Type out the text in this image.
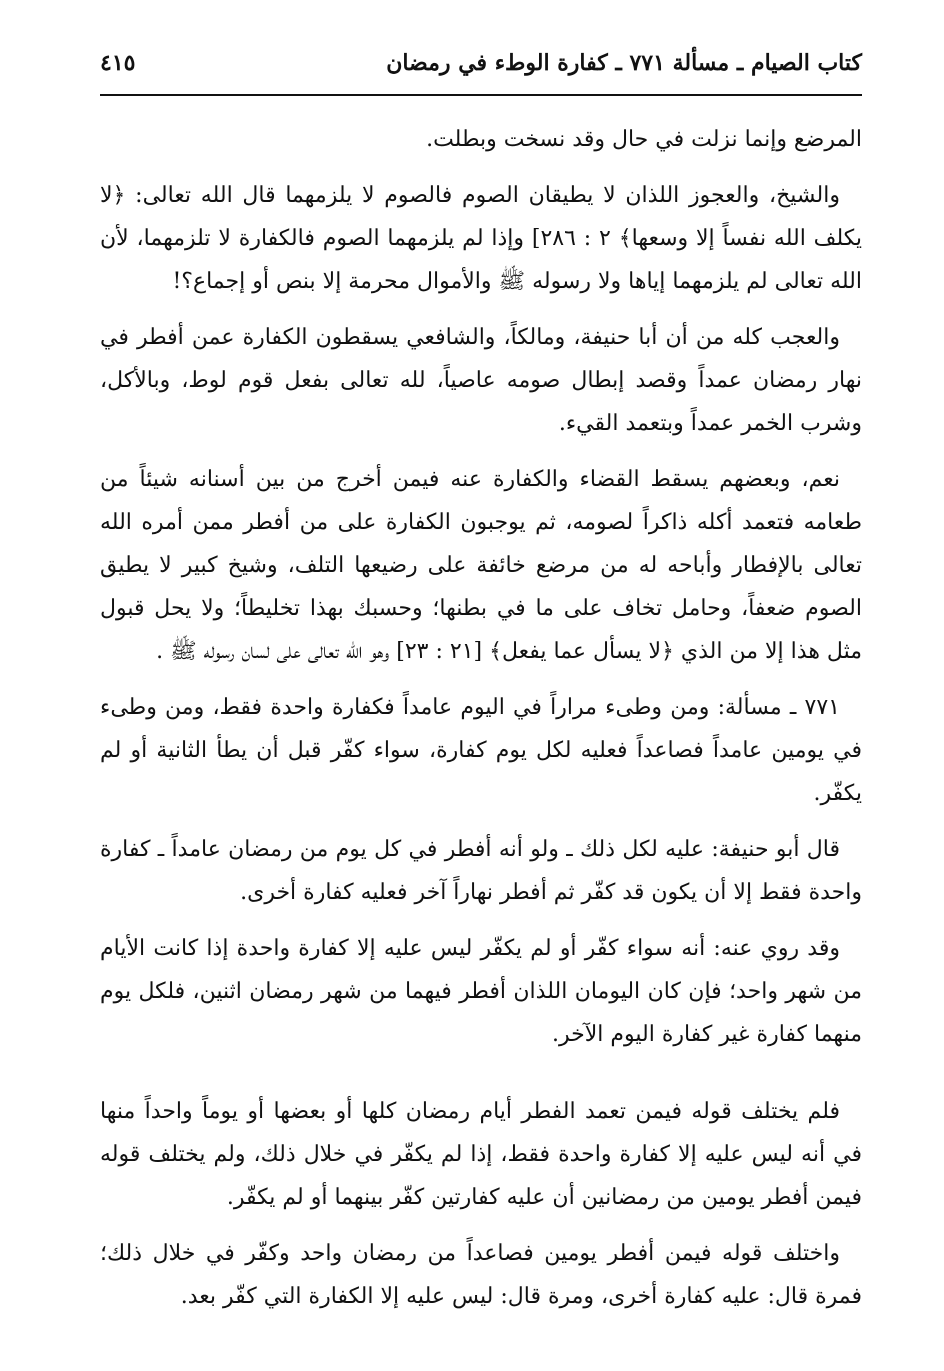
كتاب الصيام ـ مسألة ٧٧١ ـ كفارة الوطء في رمضان
٤١٥

المرضع وإنما نزلت في حال وقد نسخت وبطلت.

والشيخ، والعجوز اللذان لا يطيقان الصوم فالصوم لا يلزمهما قال الله تعالى: ﴿لا يكلف الله نفساً إلا وسعها﴾ ٢ : ٢٨٦] وإذا لم يلزمهما الصوم فالكفارة لا تلزمهما، لأن الله تعالى لم يلزمهما إياها ولا رسوله ﷺ والأموال محرمة إلا بنص أو إجماع؟!

والعجب كله من أن أبا حنيفة، ومالكاً، والشافعي يسقطون الكفارة عمن أفطر في نهار رمضان عمداً وقصد إبطال صومه عاصياً، لله تعالى بفعل قوم لوط، وبالأكل، وشرب الخمر عمداً وبتعمد القيء.

نعم، وبعضهم يسقط القضاء والكفارة عنه فيمن أخرج من بين أسنانه شيئاً من طعامه فتعمد أكله ذاكراً لصومه، ثم يوجبون الكفارة على من أفطر ممن أمره الله تعالى بالإفطار وأباحه له من مرضع خائفة على رضيعها التلف، وشيخ كبير لا يطيق الصوم ضعفاً، وحامل تخاف على ما في بطنها؛ وحسبك بهذا تخليطاً؛ ولا يحل قبول مثل هذا إلا من الذي ﴿لا يسأل عما يفعل﴾ [٢١ : ٢٣] وهو الله تعالى على لسان رسوله ﷺ .

٧٧١ ـ مسألة: ومن وطىء مراراً في اليوم عامداً فكفارة واحدة فقط، ومن وطىء في يومين عامداً فصاعداً فعليه لكل يوم كفارة، سواء كفّر قبل أن يطأ الثانية أو لم يكفّر.

قال أبو حنيفة: عليه لكل ذلك ـ ولو أنه أفطر في كل يوم من رمضان عامداً ـ كفارة واحدة فقط إلا أن يكون قد كفّر ثم أفطر نهاراً آخر فعليه كفارة أخرى.

وقد روي عنه: أنه سواء كفّر أو لم يكفّر ليس عليه إلا كفارة واحدة إذا كانت الأيام من شهر واحد؛ فإن كان اليومان اللذان أفطر فيهما من شهر رمضان اثنين، فلكل يوم منهما كفارة غير كفارة اليوم الآخر.

فلم يختلف قوله فيمن تعمد الفطر أيام رمضان كلها أو بعضها أو يوماً واحداً منها في أنه ليس عليه إلا كفارة واحدة فقط، إذا لم يكفّر في خلال ذلك، ولم يختلف قوله فيمن أفطر يومين من رمضانين أن عليه كفارتين كفّر بينهما أو لم يكفّر.

واختلف قوله فيمن أفطر يومين فصاعداً من رمضان واحد وكفّر في خلال ذلك؛ فمرة قال: عليه كفارة أخرى، ومرة قال: ليس عليه إلا الكفارة التي كفّر بعد.
